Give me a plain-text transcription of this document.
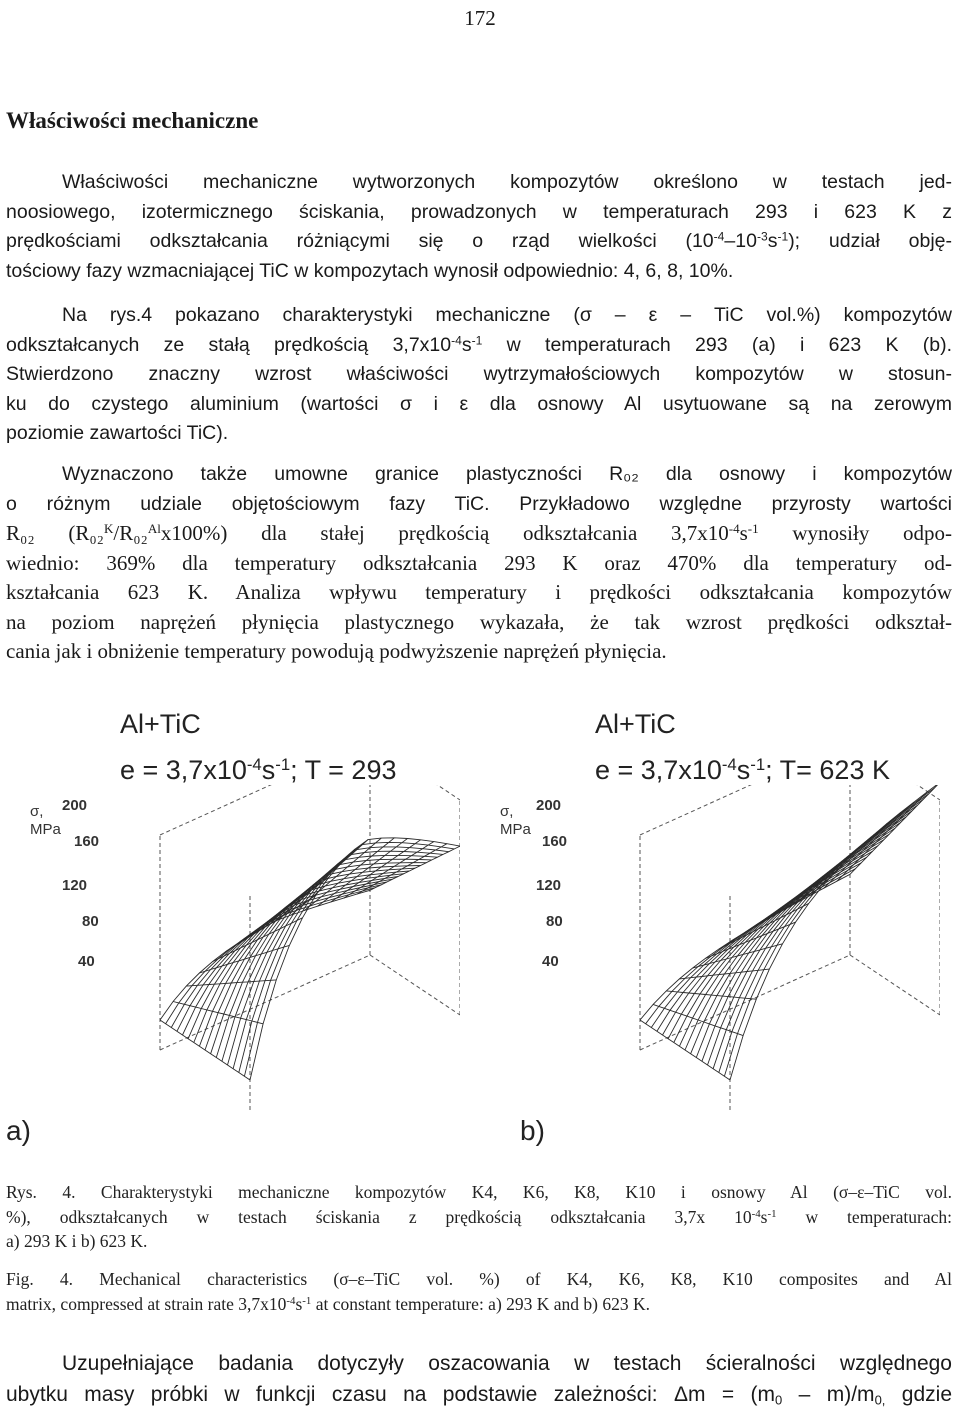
172
Właściwości mechaniczne
Właściwości mechaniczne wytworzonych kompozytów określono w testach jed-
noosiowego, izotermicznego ściskania, prowadzonych w temperaturach 293 i 623 K z
prędkościami odkształcania różniącymi się o rząd wielkości $(10^{-4}-10^{-3}s^{-1})$; udział obję-
tościowy fazy wzmacniającej TiC w kompozytach wynosił odpowiednio: 4, 6, 8, 10%.
Na rys.4 pokazano charakterystyki mechaniczne (σ – ε – TiC vol.%) kompozytów
odkształcanych ze stałą prędkością $3,7x10^{-4}s^{-1}$ w temperaturach 293 (a) i 623 K (b).
Stwierdzono znaczny wzrost właściwości wytrzymałościowych kompozytów w stosun-
ku do czystego aluminium (wartości σ i ε dla osnowy Al usytuowane są na zerowym
poziomie zawartości TiC).
Wyznaczono także umowne granice plastyczności R₀₂ dla osnowy i kompozytów
o różnym udziale objętościowym fazy TiC. Przykładowo względne przyrosty wartości
R₀₂ (R₀₂$^K$/R₀₂$^{Al}$x100%) dla stałej prędkością odkształcania $3,7x10^{-4}s^{-1}$ wynosiły odpo-
wiednio: 369% dla temperatury odkształcania 293 K oraz 470% dla temperatury od-
kształcania 623 K. Analiza wpływu temperatury i prędkości odkształcania kompozytów
na poziom naprężeń płynięcia plastycznego wykazała, że tak wzrost prędkości odkształ-
cania jak i obniżenie temperatury powodują podwyższenie naprężeń płynięcia.
Al+TiC
$e = 3,7x10^{-4}s^{-1}$; T = 293
σ,
MPa
200
160
120
80
40
a)
Al+TiC
$e = 3,7x10^{-4}s^{-1}$; T= 623 K
σ,
MPa
200
160
120
80
40
b)
Rys. 4. Charakterystyki mechaniczne kompozytów K4, K6, K8, K10 i osnowy Al (σ–ε–TiC vol.
%), odkształcanych w testach ściskania z prędkością odkształcania 3,7x $10^{-4}s^{-1}$ w temperaturach:
a) 293 K i b) 623 K.
Fig. 4. Mechanical characteristics (σ–ε–TiC vol. %) of K4, K6, K8, K10 composites and Al
matrix, compressed at strain rate $3,7x10^{-4}s^{-1}$ at constant temperature: a) 293 K and b) 623 K.
Uzupełniające badania dotyczyły oszacowania w testach ścieralności względnego
ubytku masy próbki w funkcji czasu na podstawie zależności: $\Delta m = (m_0 - m)/m_{0,}$ gdzie
